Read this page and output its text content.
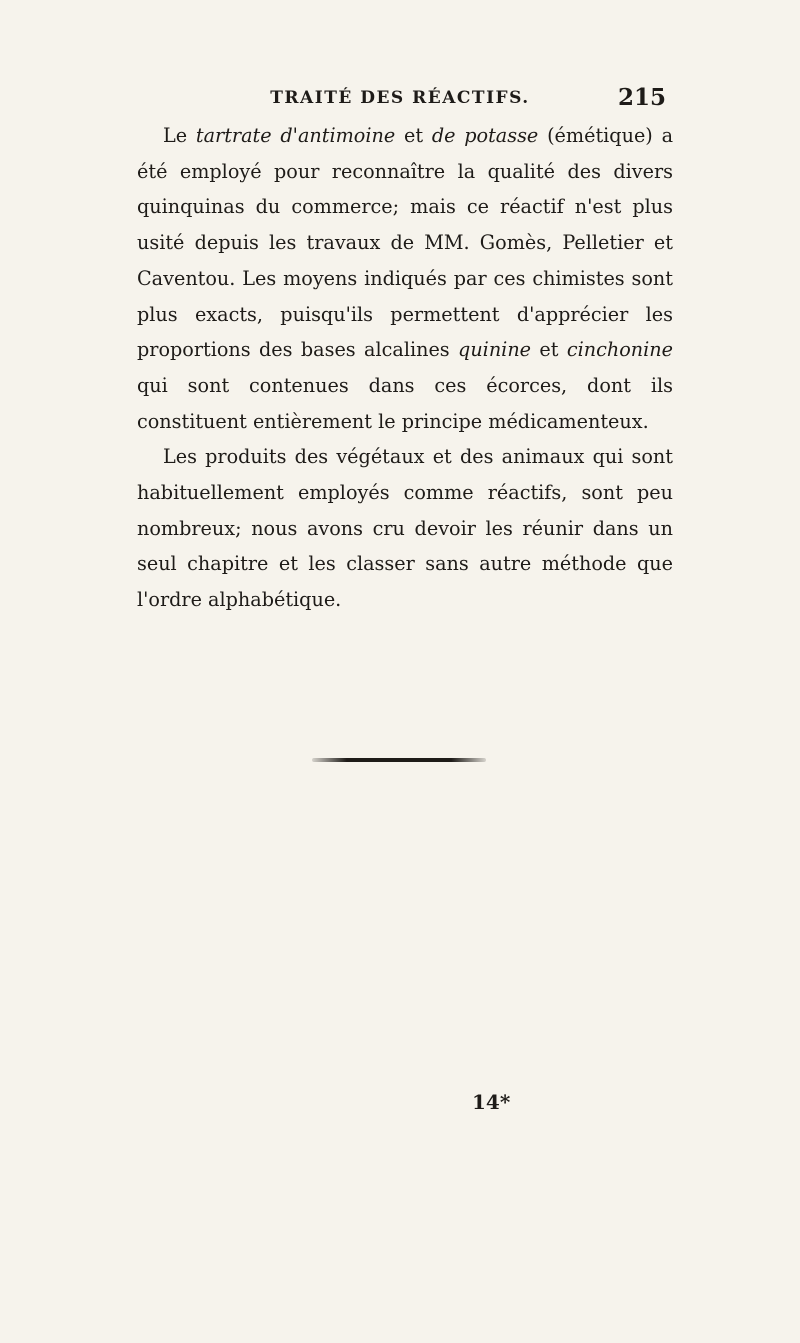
TRAITÉ DES RÉACTIFS.	215

Le tartrate d'antimoine et de potasse (émétique) a été employé pour reconnaître la qualité des divers quinquinas du commerce; mais ce réactif n'est plus usité depuis les travaux de MM. Gomès, Pelletier et Caventou. Les moyens indiqués par ces chimistes sont plus exacts, puisqu'ils permettent d'apprécier les proportions des bases alcalines quinine et cinchonine qui sont contenues dans ces écorces, dont ils constituent entièrement le principe médicamenteux.

Les produits des végétaux et des animaux qui sont habituellement employés comme réactifs, sont peu nombreux; nous avons cru devoir les réunir dans un seul chapitre et les classer sans autre méthode que l'ordre alphabétique.

14*
